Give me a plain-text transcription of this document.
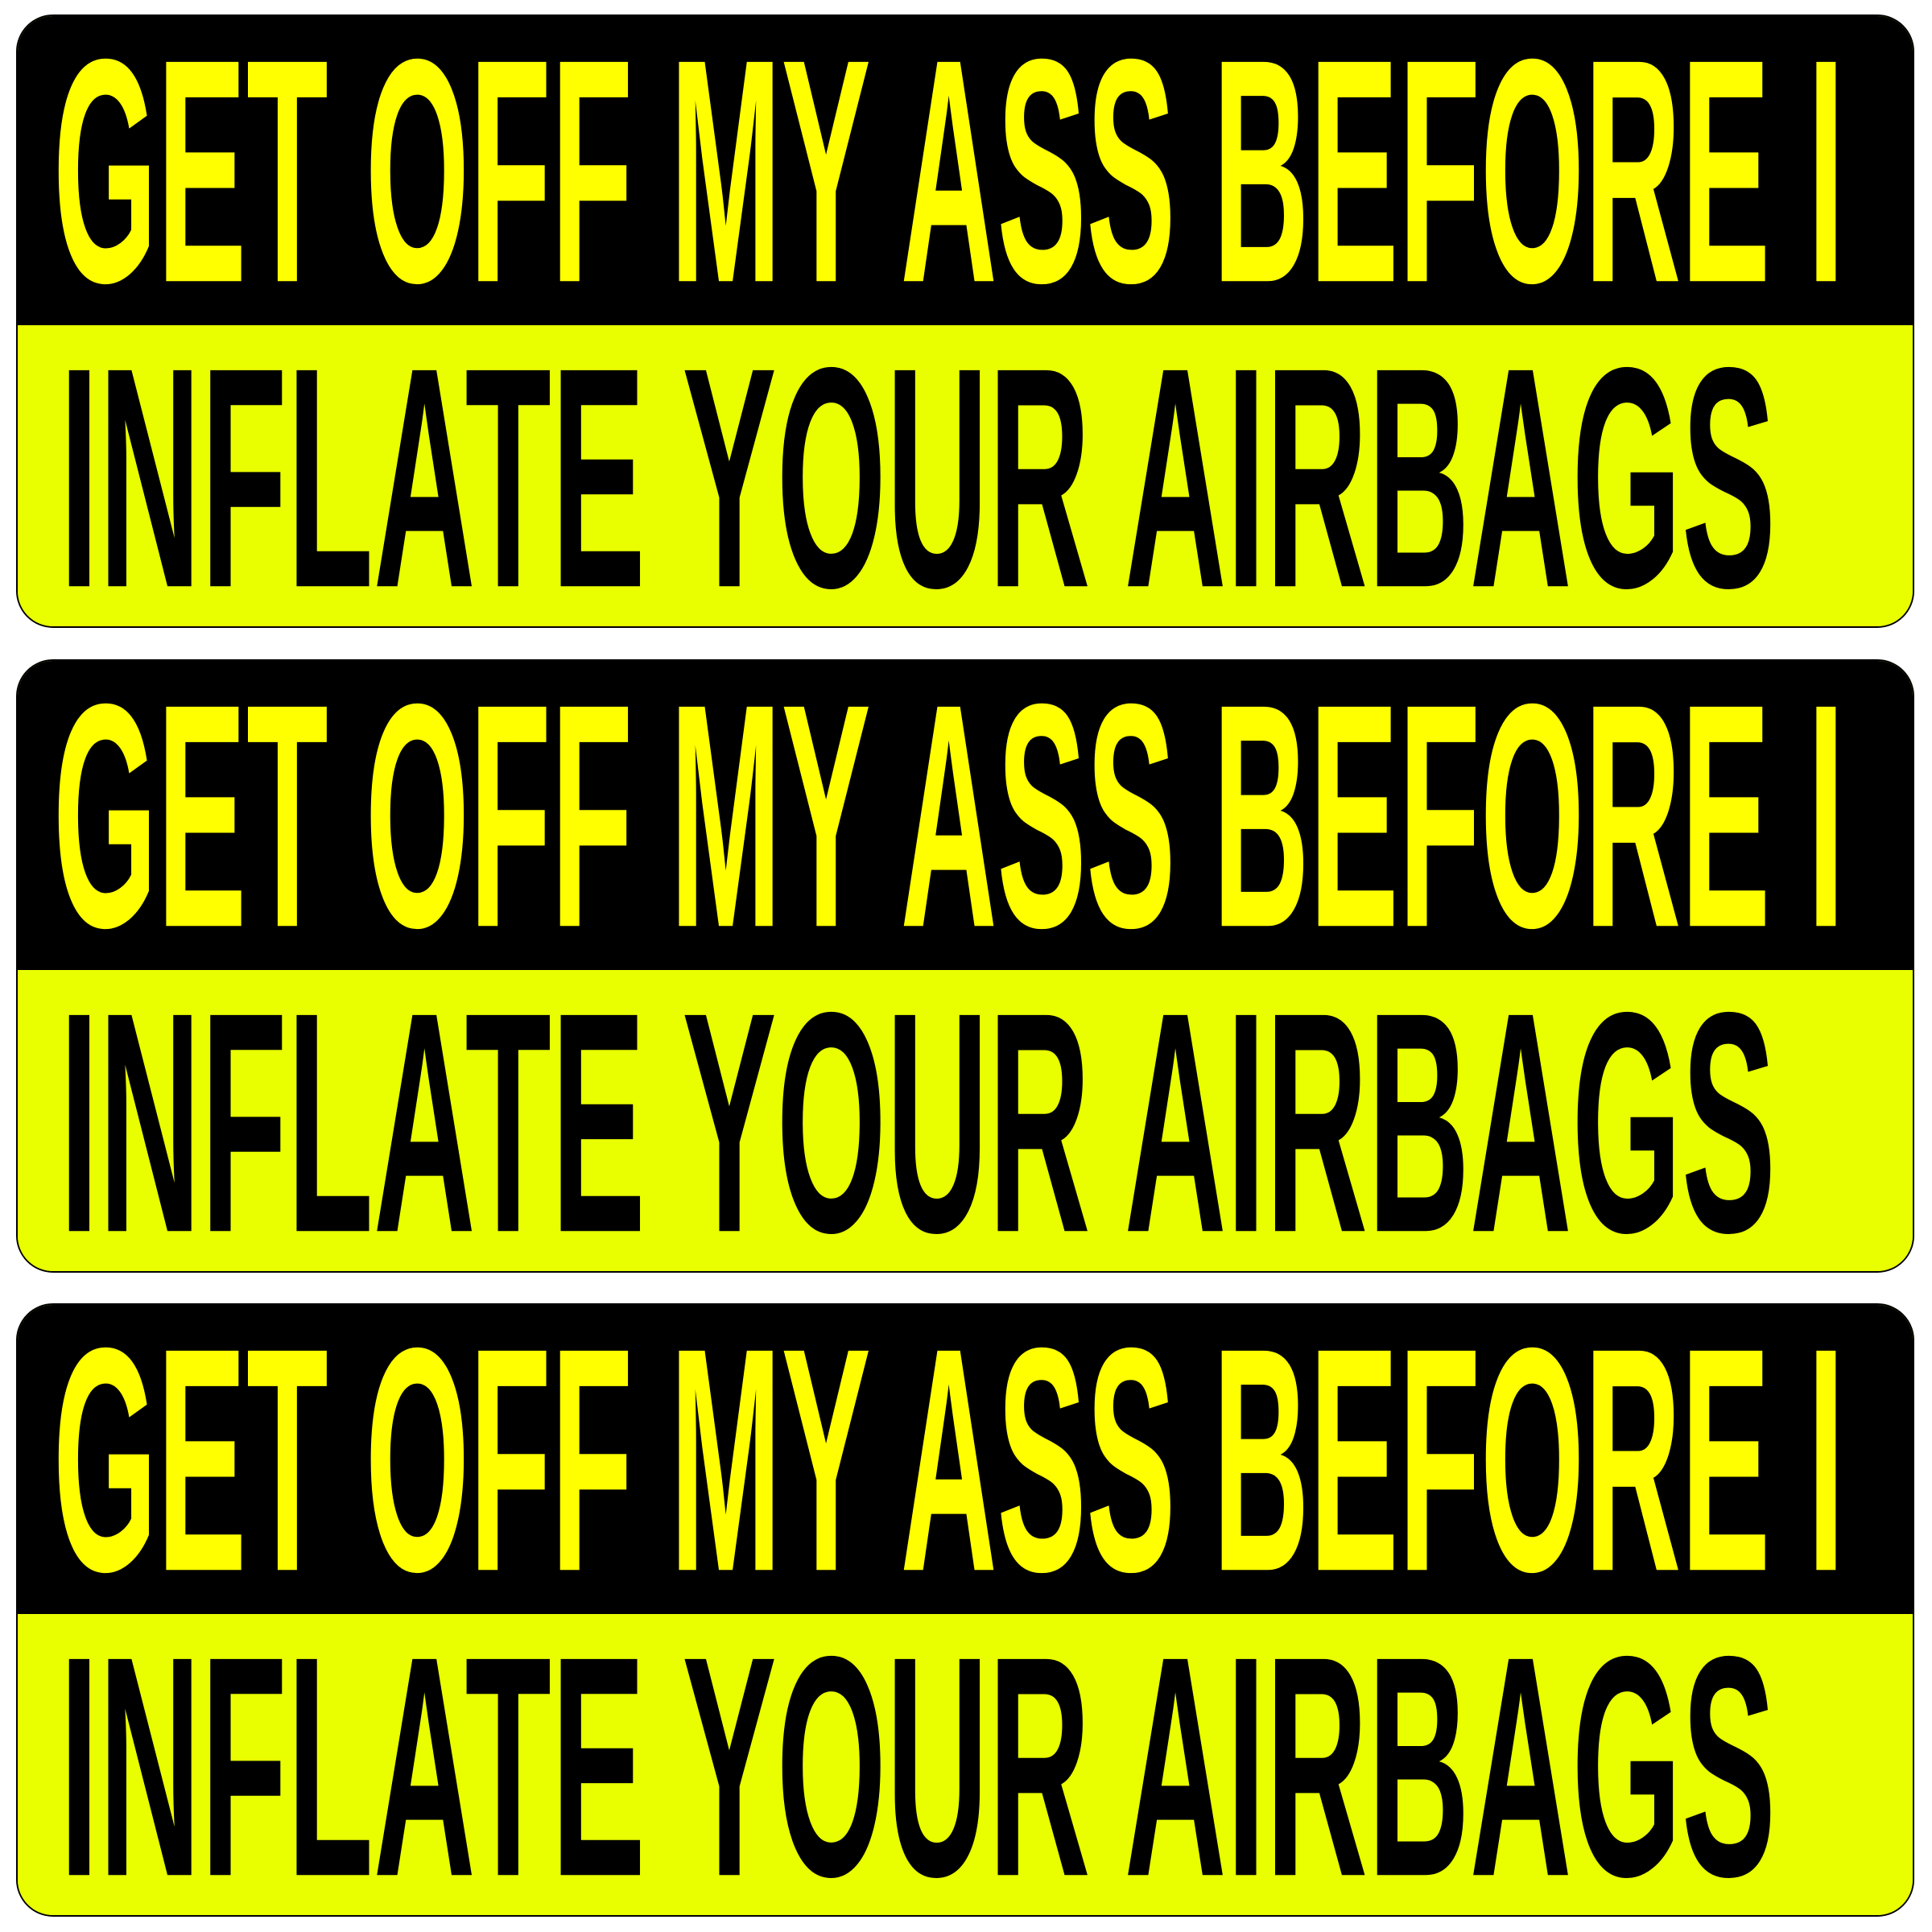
GET OFF MY ASS BEFORE I
INFLATE YOUR AIRBAGS
GET OFF MY ASS BEFORE I
INFLATE YOUR AIRBAGS
GET OFF MY ASS BEFORE I
INFLATE YOUR AIRBAGS
